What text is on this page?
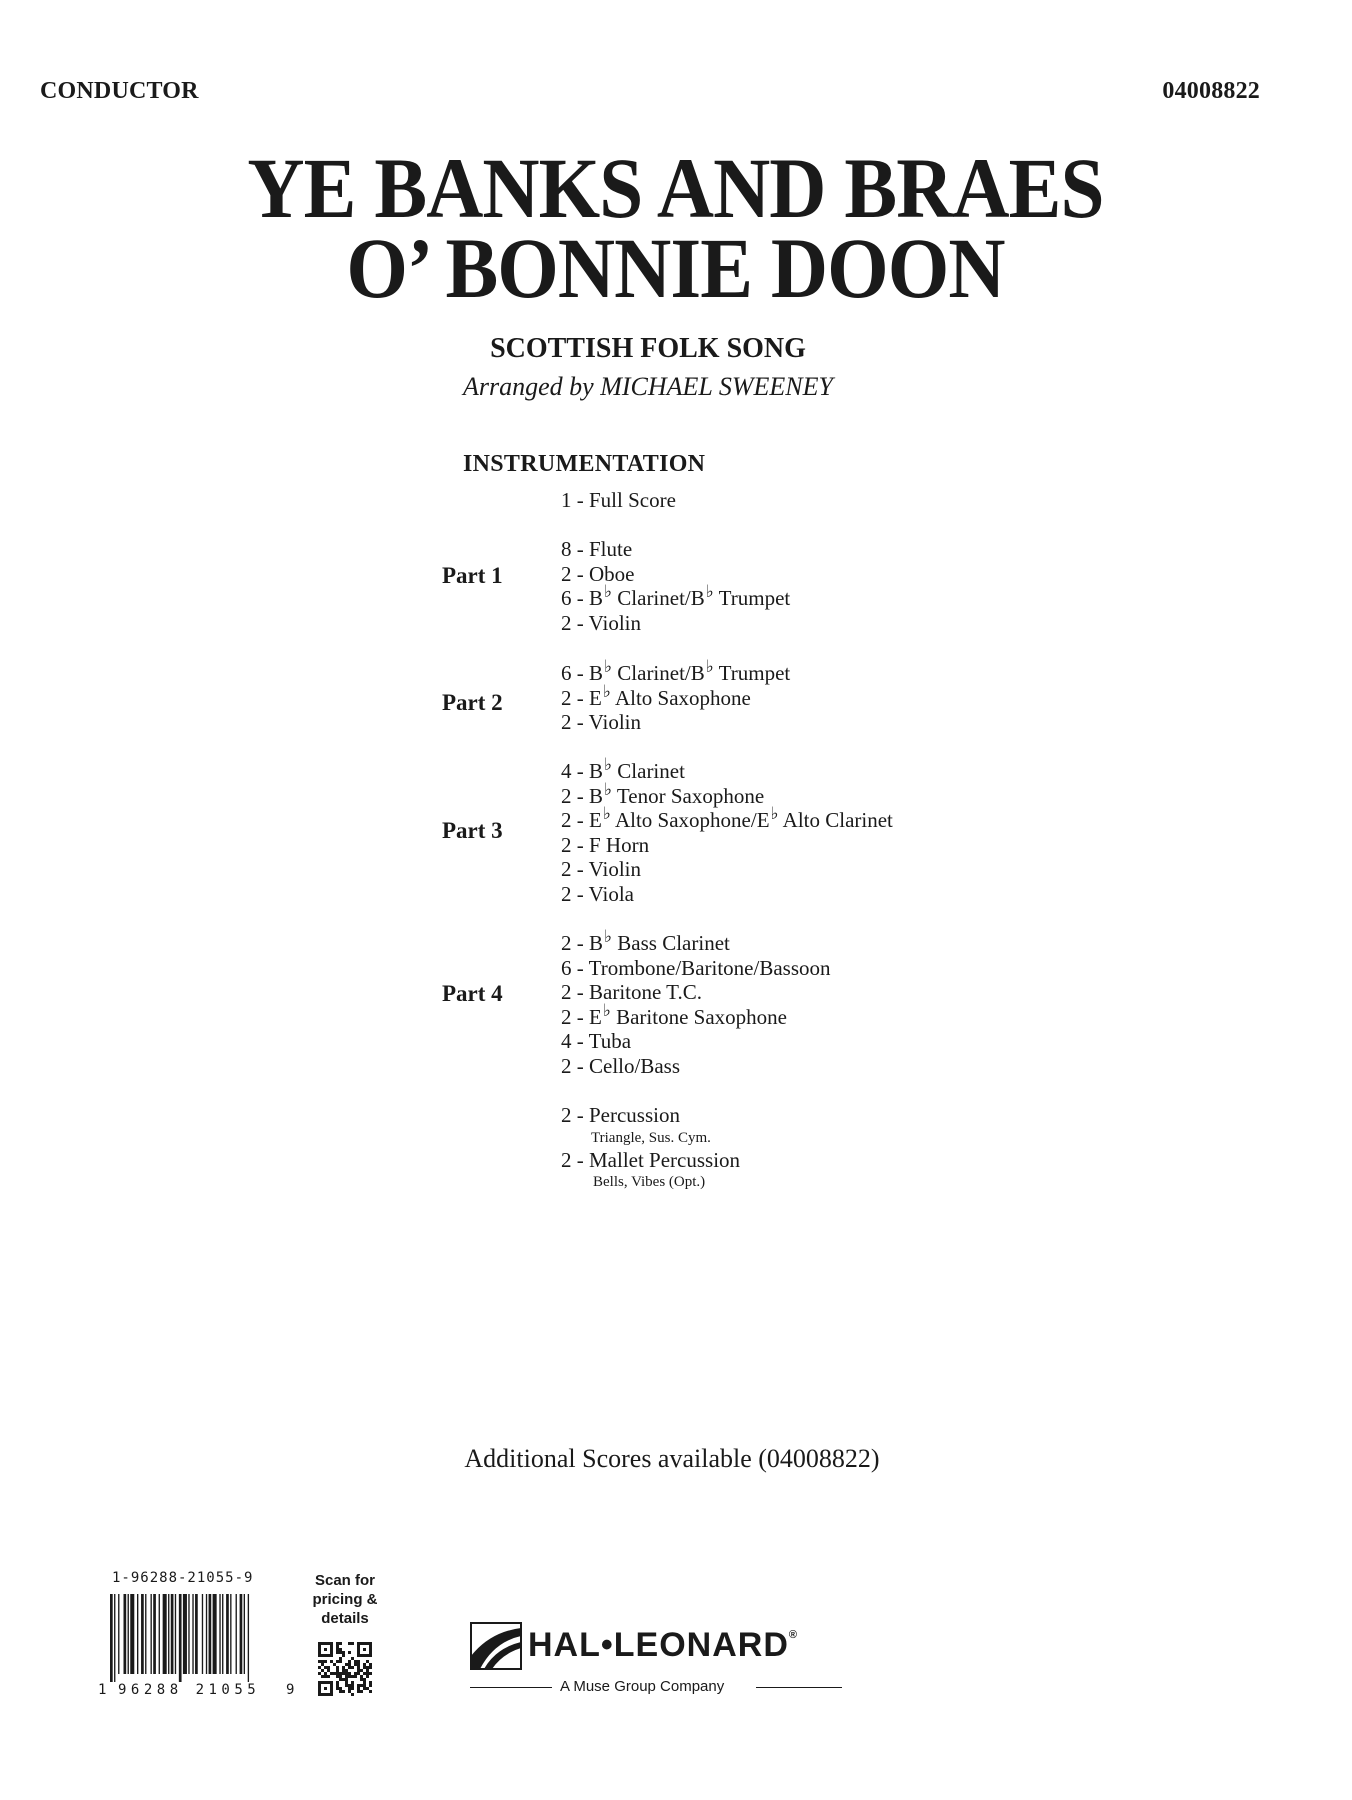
CONDUCTOR	04008822
YE BANKS AND BRAES
O’ BONNIE DOON
SCOTTISH FOLK SONG
Arranged by MICHAEL SWEENEY
INSTRUMENTATION
1 - Full Score
Part 1
8 - Flute
2 - Oboe
6 - B♭ Clarinet/B♭ Trumpet
2 - Violin
Part 2
6 - B♭ Clarinet/B♭ Trumpet
2 - E♭ Alto Saxophone
2 - Violin
Part 3
4 - B♭ Clarinet
2 - B♭ Tenor Saxophone
2 - E♭ Alto Saxophone/E♭ Alto Clarinet
2 - F Horn
2 - Violin
2 - Viola
Part 4
2 - B♭ Bass Clarinet
6 - Trombone/Baritone/Bassoon
2 - Baritone T.C.
2 - E♭ Baritone Saxophone
4 - Tuba
2 - Cello/Bass
2 - Percussion
Triangle, Sus. Cym.
2 - Mallet Percussion
Bells, Vibes (Opt.)
Additional Scores available (04008822)
1-96288-21055-9
1 96288 21055 9
Scan for
pricing &
details
HAL•LEONARD®
A Muse Group Company
